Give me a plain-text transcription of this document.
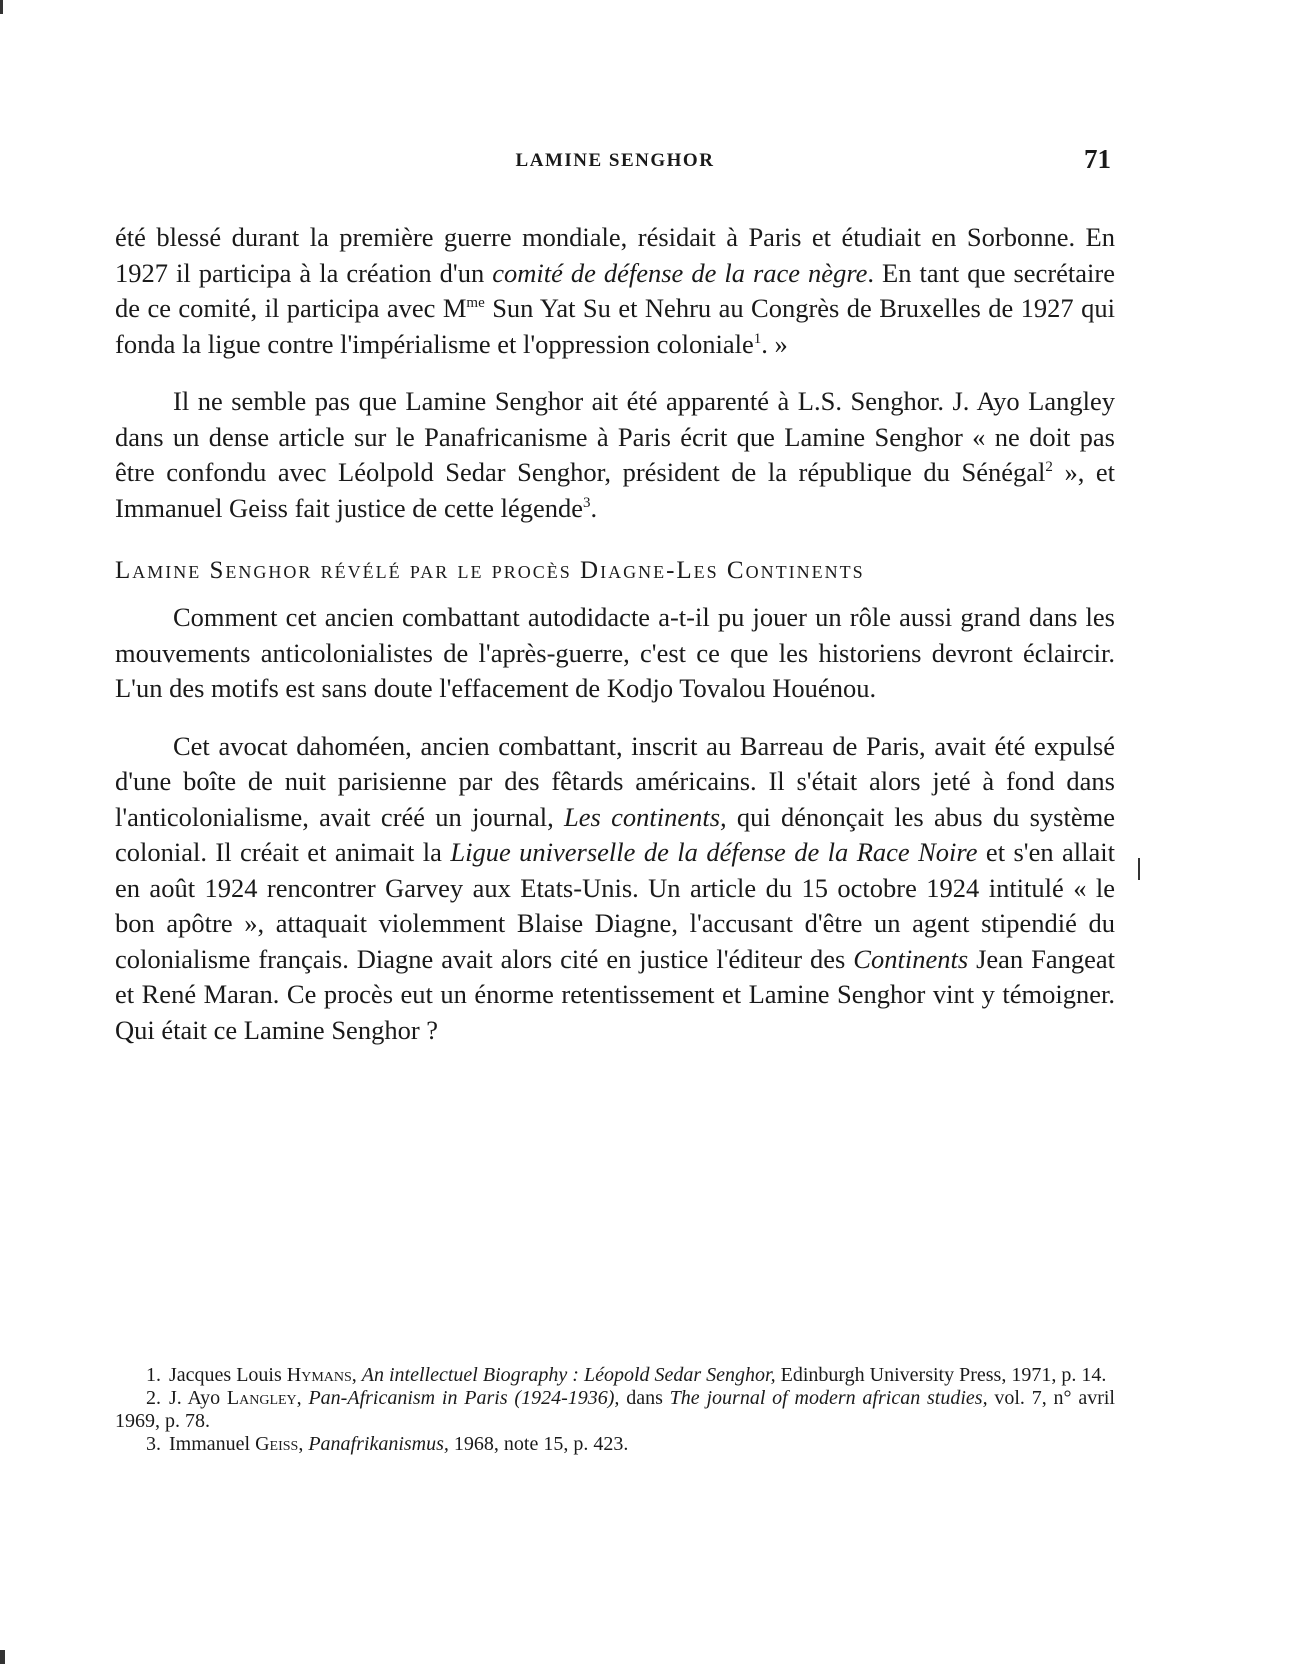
LAMINE SENGHOR	71

été blessé durant la première guerre mondiale, résidait à Paris et étudiait en Sorbonne. En 1927 il participa à la création d'un comité de défense de la race nègre. En tant que secrétaire de ce comité, il participa avec $M^{me}$ Sun Yat Su et Nehru au Congrès de Bruxelles de 1927 qui fonda la ligue contre l'impérialisme et l'oppression coloniale$^1$. »

Il ne semble pas que Lamine Senghor ait été apparenté à L.S. Senghor. J. Ayo Langley dans un dense article sur le Panafricanisme à Paris écrit que Lamine Senghor « ne doit pas être confondu avec Léolpold Sedar Senghor, président de la république du Sénégal$^2$ », et Immanuel Geiss fait justice de cette légende$^3$.

Lamine Senghor révélé par le procès Diagne-Les Continents

Comment cet ancien combattant autodidacte a-t-il pu jouer un rôle aussi grand dans les mouvements anticolonialistes de l'après-guerre, c'est ce que les historiens devront éclaircir. L'un des motifs est sans doute l'effacement de Kodjo Tovalou Houénou.

Cet avocat dahoméen, ancien combattant, inscrit au Barreau de Paris, avait été expulsé d'une boîte de nuit parisienne par des fêtards américains. Il s'était alors jeté à fond dans l'anticolonialisme, avait créé un journal, Les continents, qui dénonçait les abus du système colonial. Il créait et animait la Ligue universelle de la défense de la Race Noire et s'en allait en août 1924 rencontrer Garvey aux Etats-Unis. Un article du 15 octobre 1924 intitulé « le bon apôtre », attaquait violemment Blaise Diagne, l'accusant d'être un agent stipendié du colonialisme français. Diagne avait alors cité en justice l'éditeur des Continents Jean Fangeat et René Maran. Ce procès eut un énorme retentissement et Lamine Senghor vint y témoigner. Qui était ce Lamine Senghor ?

1. Jacques Louis Hymans, An intellectuel Biography : Léopold Sedar Senghor, Edinburgh University Press, 1971, p. 14.

2. J. Ayo Langley, Pan-Africanism in Paris (1924-1936), dans The journal of modern african studies, vol. 7, n° avril 1969, p. 78.

3. Immanuel Geiss, Panafrikanismus, 1968, note 15, p. 423.
